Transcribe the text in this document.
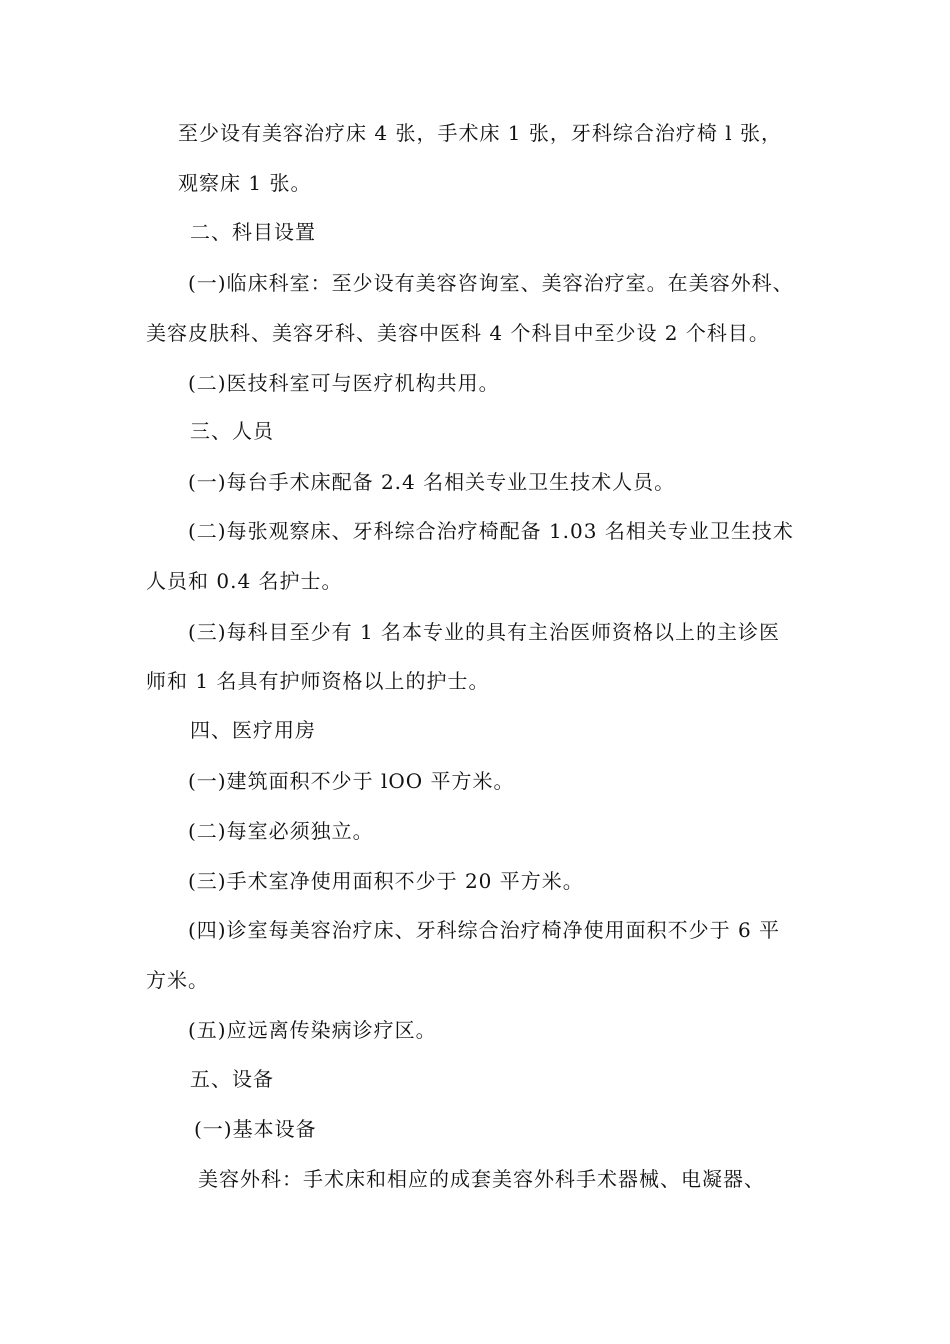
至少设有美容治疗床 4 张，手术床 1 张，牙科综合治疗椅 l 张，
观察床 1 张。
二、科目设置
(一)临床科室：至少设有美容咨询室、美容治疗室。在美容外科、
美容皮肤科、美容牙科、美容中医科 4 个科目中至少设 2 个科目。
(二)医技科室可与医疗机构共用。
三、人员
(一)每台手术床配备 2.4 名相关专业卫生技术人员。
(二)每张观察床、牙科综合治疗椅配备 1.03 名相关专业卫生技术
人员和 0.4 名护士。
(三)每科目至少有 1 名本专业的具有主治医师资格以上的主诊医
师和 1 名具有护师资格以上的护士。
四、医疗用房
(一)建筑面积不少于 lOO 平方米。
(二)每室必须独立。
(三)手术室净使用面积不少于 20 平方米。
(四)诊室每美容治疗床、牙科综合治疗椅净使用面积不少于 6 平
方米。
(五)应远离传染病诊疗区。
五、设备
(一)基本设备
美容外科：手术床和相应的成套美容外科手术器械、电凝器、
